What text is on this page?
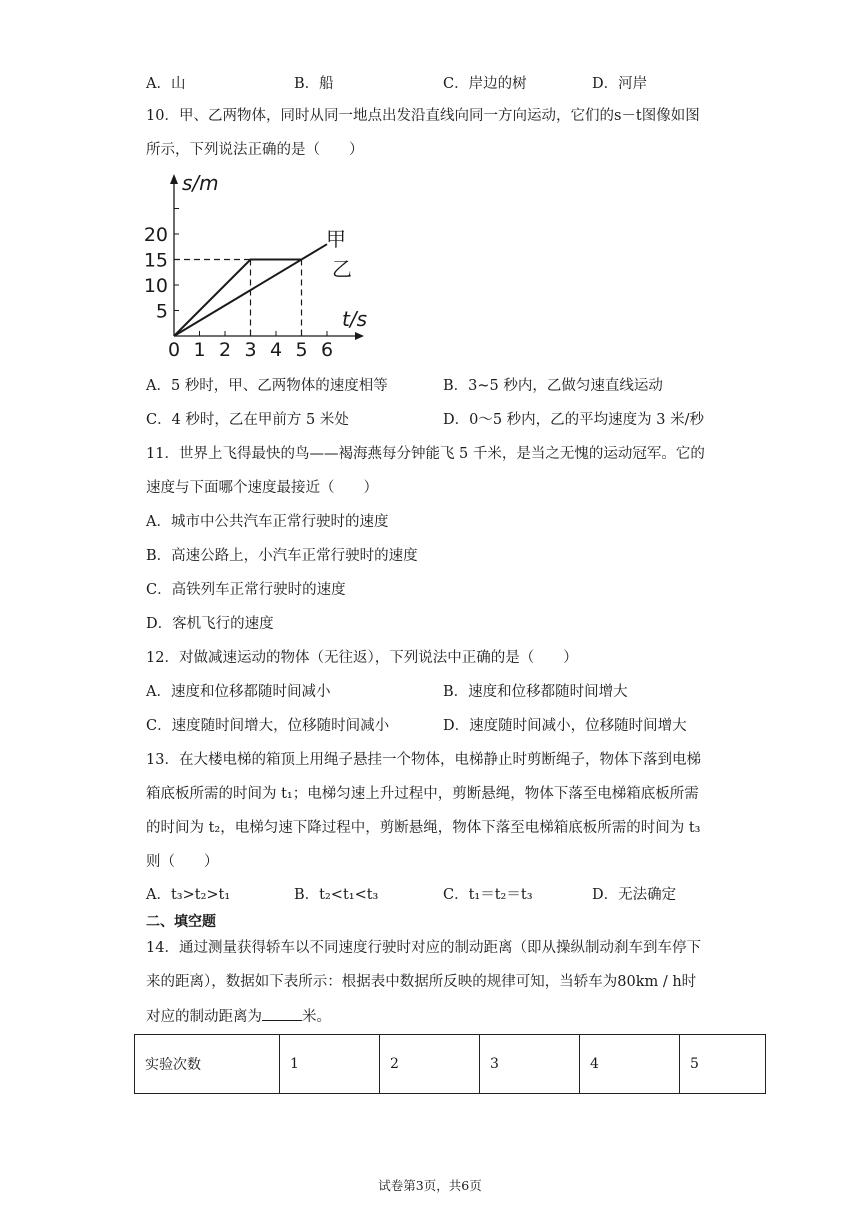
A．山	B．船	C．岸边的树	D．河岸
10．甲、乙两物体，同时从同一地点出发沿直线向同一方向运动，它们的s－t图像如图
所示，下列说法正确的是（　　）
s/m
t/s
甲
乙
0 1 2 3 4 5 6
5
10
15
20
A．5 秒时，甲、乙两物体的速度相等	B．3~5 秒内，乙做匀速直线运动
C．4 秒时，乙在甲前方 5 米处	D．0～5 秒内，乙的平均速度为 3 米/秒
11．世界上飞得最快的鸟——褐海燕每分钟能飞 5 千米，是当之无愧的运动冠军。它的
速度与下面哪个速度最接近（　　）
A．城市中公共汽车正常行驶时的速度
B．高速公路上，小汽车正常行驶时的速度
C．高铁列车正常行驶时的速度
D．客机飞行的速度
12．对做减速运动的物体（无往返），下列说法中正确的是（　　）
A．速度和位移都随时间减小	B．速度和位移都随时间增大
C．速度随时间增大，位移随时间减小	D．速度随时间减小，位移随时间增大
13．在大楼电梯的箱顶上用绳子悬挂一个物体，电梯静止时剪断绳子，物体下落到电梯
箱底板所需的时间为 t₁；电梯匀速上升过程中，剪断悬绳，物体下落至电梯箱底板所需
的时间为 t₂，电梯匀速下降过程中，剪断悬绳，物体下落至电梯箱底板所需的时间为 t₃
则（　　）
A．t₃>t₂>t₁	B．t₂<t₁<t₃	C．t₁＝t₂＝t₃	D．无法确定
二、填空题
14．通过测量获得轿车以不同速度行驶时对应的制动距离（即从操纵制动刹车到车停下
来的距离），数据如下表所示：根据表中数据所反映的规律可知，当轿车为80km / h时
对应的制动距离为	米。
实验次数	1	2	3	4	5
试卷第3页，共6页
